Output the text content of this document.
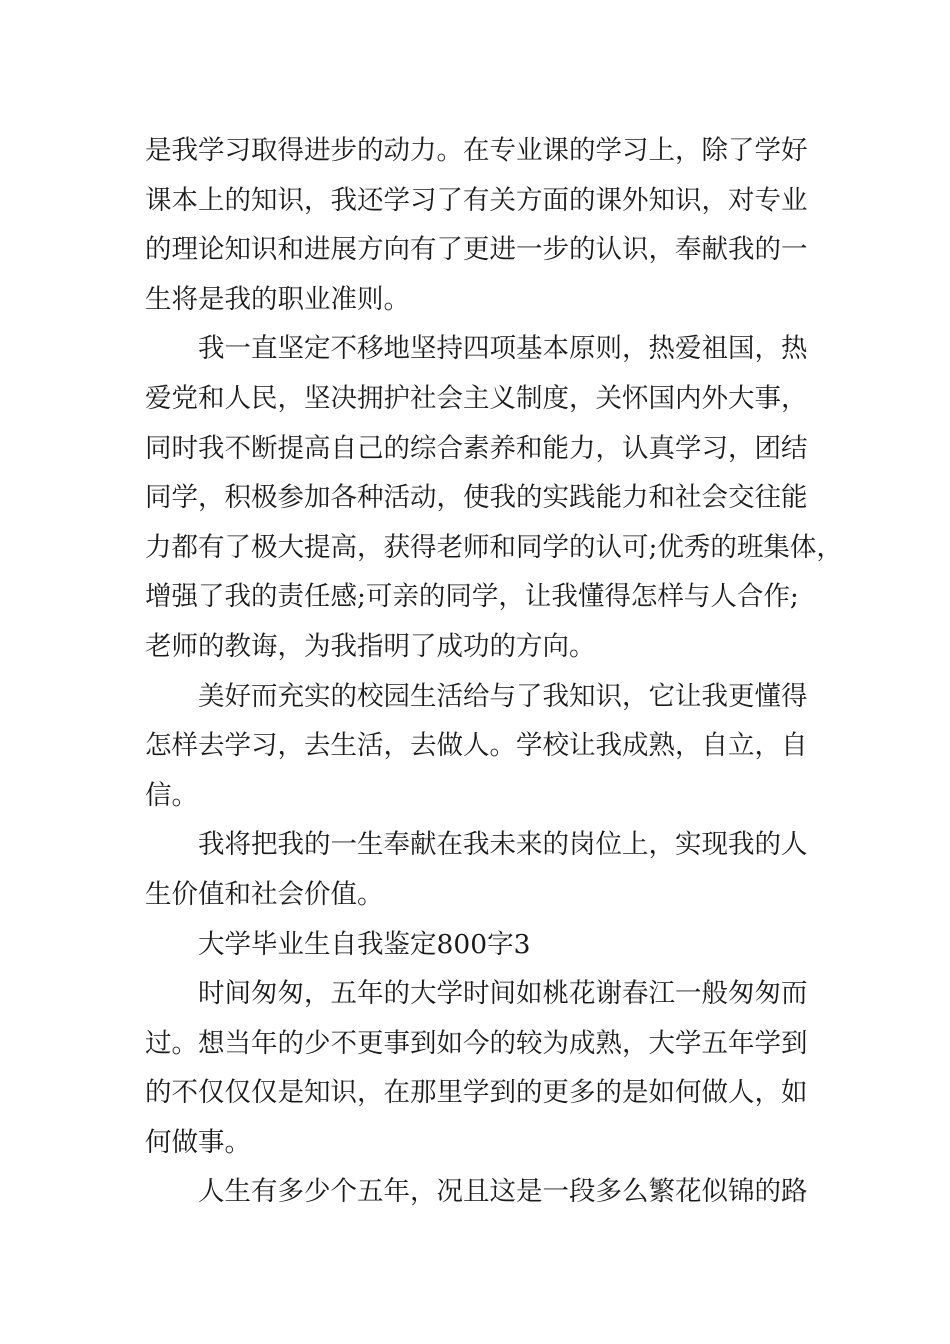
是我学习取得进步的动力。在专业课的学习上，除了学好
课本上的知识，我还学习了有关方面的课外知识，对专业
的理论知识和进展方向有了更进一步的认识，奉献我的一
生将是我的职业准则。

我一直坚定不移地坚持四项基本原则，热爱祖国，热
爱党和人民，坚决拥护社会主义制度，关怀国内外大事，
同时我不断提高自己的综合素养和能力，认真学习，团结
同学，积极参加各种活动，使我的实践能力和社会交往能
力都有了极大提高，获得老师和同学的认可;优秀的班集体，
增强了我的责任感;可亲的同学，让我懂得怎样与人合作;
老师的教诲，为我指明了成功的方向。

美好而充实的校园生活给与了我知识，它让我更懂得
怎样去学习，去生活，去做人。学校让我成熟，自立，自
信。

我将把我的一生奉献在我未来的岗位上，实现我的人
生价值和社会价值。

大学毕业生自我鉴定800字3

时间匆匆，五年的大学时间如桃花谢春江一般匆匆而
过。想当年的少不更事到如今的较为成熟，大学五年学到
的不仅仅仅是知识，在那里学到的更多的是如何做人，如
何做事。

人生有多少个五年，况且这是一段多么繁花似锦的路
